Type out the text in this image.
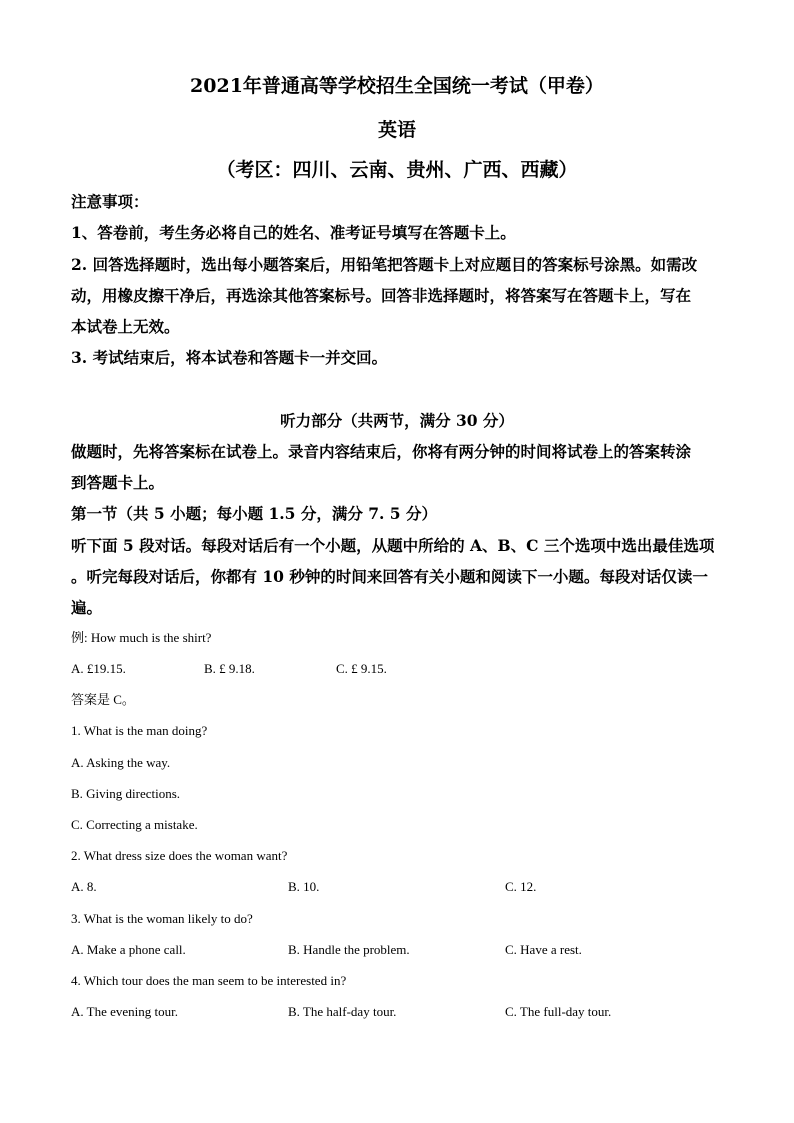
2021年普通高等学校招生全国统一考试（甲卷）
英语
（考区：四川、云南、贵州、广西、西藏）
注意事项：
1、答卷前，考生务必将自己的姓名、准考证号填写在答题卡上。
2. 回答选择题时，选出每小题答案后，用铅笔把答题卡上对应题目的答案标号涂黑。如需改
动，用橡皮擦干净后，再选涂其他答案标号。回答非选择题时，将答案写在答题卡上，写在
本试卷上无效。
3. 考试结束后，将本试卷和答题卡一并交回。
听力部分（共两节，满分 30 分）
做题时，先将答案标在试卷上。录音内容结束后，你将有两分钟的时间将试卷上的答案转涂
到答题卡上。
第一节（共 5 小题；每小题 1.5 分，满分 7. 5 分）
听下面 5 段对话。每段对话后有一个小题，从题中所给的 A、B、C 三个选项中选出最佳选项
。听完每段对话后，你都有 10 秒钟的时间来回答有关小题和阅读下一小题。每段对话仅读一
遍。
例: How much is the shirt?
A. £19.15.	B. £ 9.18.	C. £ 9.15.
答案是 C。
1. What is the man doing?
A. Asking the way.
B. Giving directions.
C. Correcting a mistake.
2. What dress size does the woman want?
A. 8.	B. 10.	C. 12.
3. What is the woman likely to do?
A. Make a phone call.	B. Handle the problem.	C. Have a rest.
4. Which tour does the man seem to be interested in?
A. The evening tour.	B. The half-day tour.	C. The full-day tour.
